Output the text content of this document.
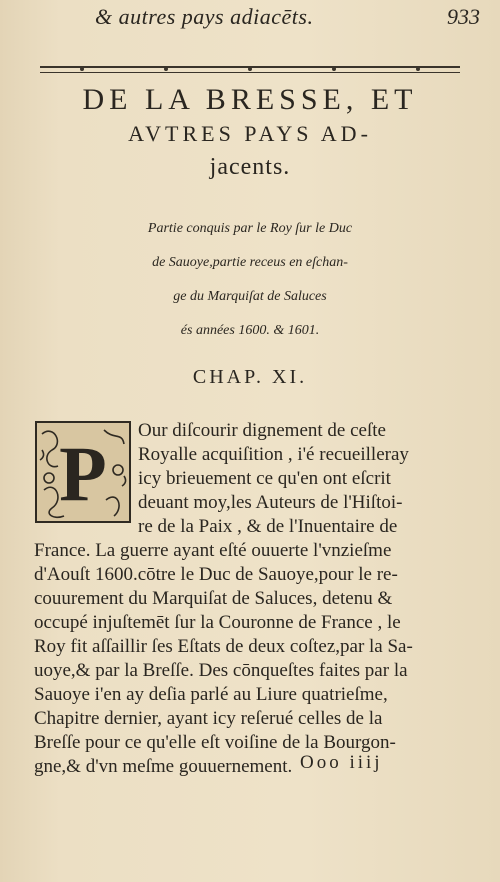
& autres pays adiacēts.	933
DE LA BRESSE, ET
AVTRES PAYS AD-
jacents.
Partie conquis par le Roy ſur le Duc
de Sauoye,partie receus en eſchan-
ge du Marquiſat de Saluces
és années 1600. & 1601.
CHAP. XI.
P Our diſcourir dignement de ceſte
Royalle acquiſition , i'é recueilleray
icy brieuement ce qu'en ont eſcrit
deuant moy,les Auteurs de l'Hiſtoi-
re de la Paix , & de l'Inuentaire de
France. La guerre ayant eſté ouuerte l'vnzieſme
d'Aouſt 1600.cōtre le Duc de Sauoye,pour le re-
couurement du Marquiſat de Saluces, detenu &
occupé injuſtemēt ſur la Couronne de France , le
Roy fit aſſaillir ſes Eſtats de deux coſtez,par la Sa-
uoye,& par la Breſſe. Des cōnqueſtes faites par la
Sauoye i'en ay deſia parlé au Liure quatrieſme,
Chapitre dernier, ayant icy reſerué celles de la
Breſſe pour ce qu'elle eſt voiſine de la Bourgon-
gne,& d'vn meſme gouuernement. Ooo iiij
